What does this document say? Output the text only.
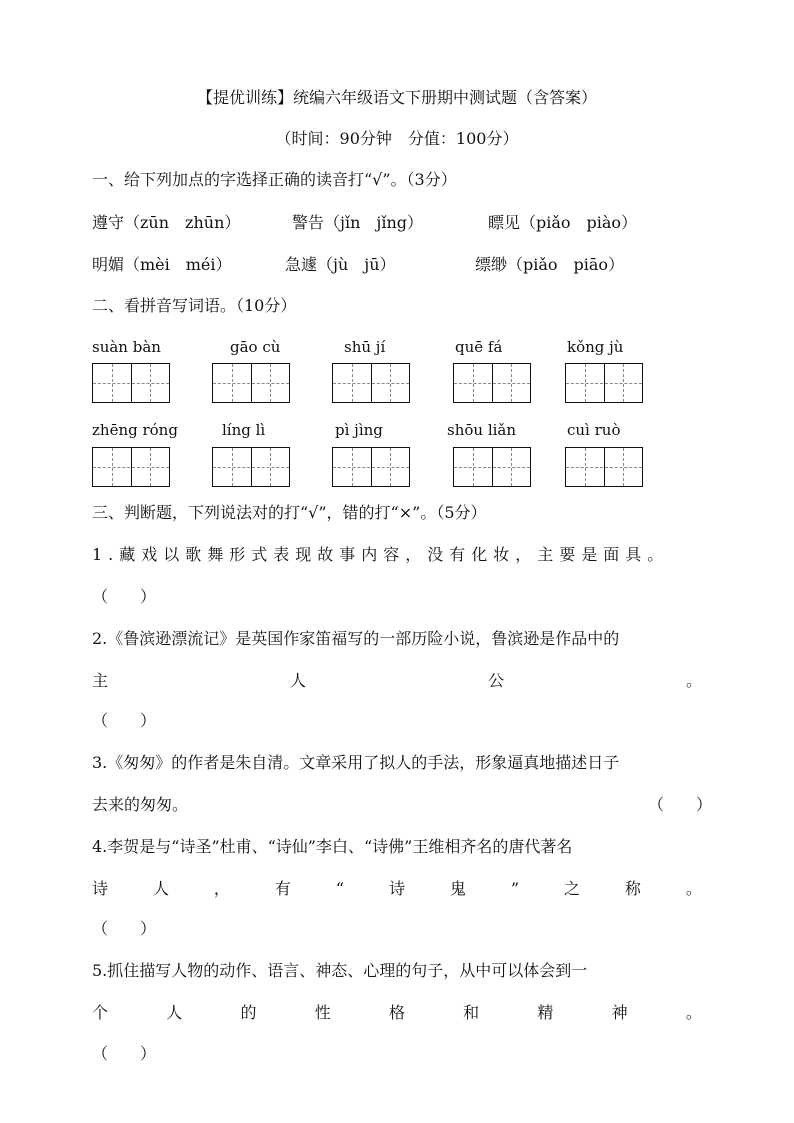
【提优训练】统编六年级语文下册期中测试题（含答案）
（时间：90分钟　分值：100分）
一、给下列加点的字选择正确的读音打“√”。（3分）
遵守（zūn　zhūn）	警告（jǐn　jǐng）	瞟见（piǎo　piào）
明媚（mèi　méi）	急遽（jù　jū）	缥缈（piǎo　piāo）
二、看拼音写词语。（10分）
suàn bàn	gāo cù	shū jí	quē fá	kǒng jù
zhēng róng	líng lì	pì jìng	shōu liǎn	cuì ruò
三、判断题，下列说法对的打“√”，错的打“×”。（5分）
1.藏戏以歌舞形式表现故事内容，没有化妆，主要是面具。
（　　）
2.《鲁滨逊漂流记》是英国作家笛福写的一部历险小说，鲁滨逊是作品中的
主	人	公	。
（　　）
3.《匆匆》的作者是朱自清。文章采用了拟人的手法，形象逼真地描述日子
去来的匆匆。	（　　）
4.李贺是与“诗圣”杜甫、“诗仙”李白、“诗佛”王维相齐名的唐代著名
诗	人	，	有	“	诗	鬼	”	之	称	。
（　　）
5.抓住描写人物的动作、语言、神态、心理的句子，从中可以体会到一
个	人	的	性	格	和	精	神	。
（　　）
